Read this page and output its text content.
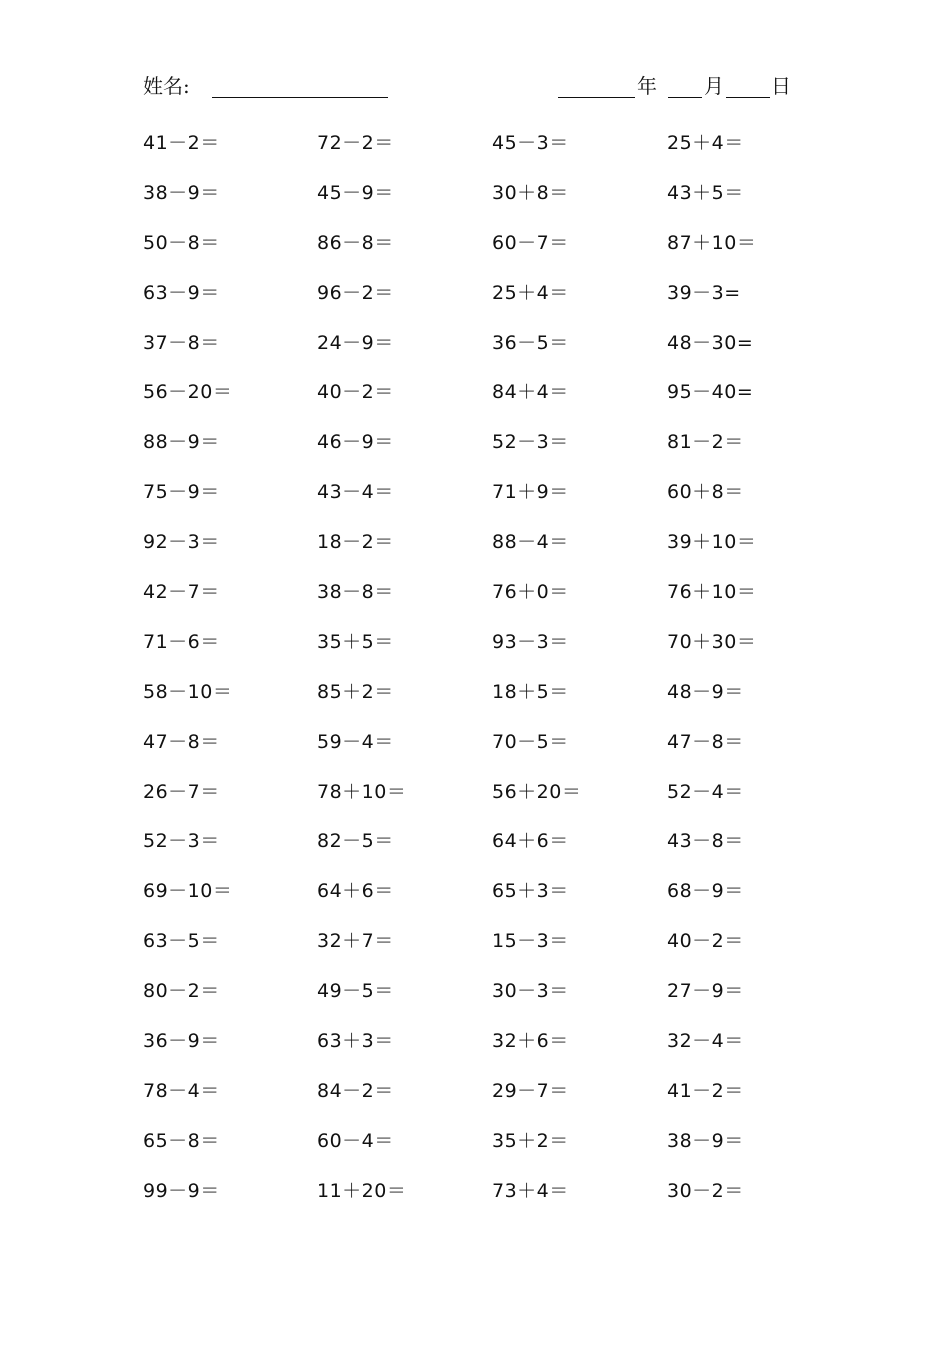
姓名:	年 月 日
41－2＝	72－2＝	45－3＝	25＋4＝
38－9＝	45－9＝	30＋8＝	43＋5＝
50－8＝	86－8＝	60－7＝	87＋10＝
63－9＝	96－2＝	25＋4＝	39－3=
37－8＝	24－9＝	36－5＝	48－30=
56－20＝	40－2＝	84＋4＝	95－40=
88－9＝	46－9＝	52－3＝	81－2＝
75－9＝	43－4＝	71＋9＝	60＋8＝
92－3＝	18－2＝	88－4＝	39＋10＝
42－7＝	38－8＝	76＋0＝	76＋10＝
71－6＝	35＋5＝	93－3＝	70＋30＝
58－10＝	85＋2＝	18＋5＝	48－9＝
47－8＝	59－4＝	70－5＝	47－8＝
26－7＝	78＋10＝	56＋20＝	52－4＝
52－3＝	82－5＝	64＋6＝	43－8＝
69－10＝	64＋6＝	65＋3＝	68－9＝
63－5＝	32＋7＝	15－3＝	40－2＝
80－2＝	49－5＝	30－3＝	27－9＝
36－9＝	63＋3＝	32＋6＝	32－4＝
78－4＝	84－2＝	29－7＝	41－2＝
65－8＝	60－4＝	35＋2＝	38－9＝
99－9＝	11＋20＝	73＋4＝	30－2＝
